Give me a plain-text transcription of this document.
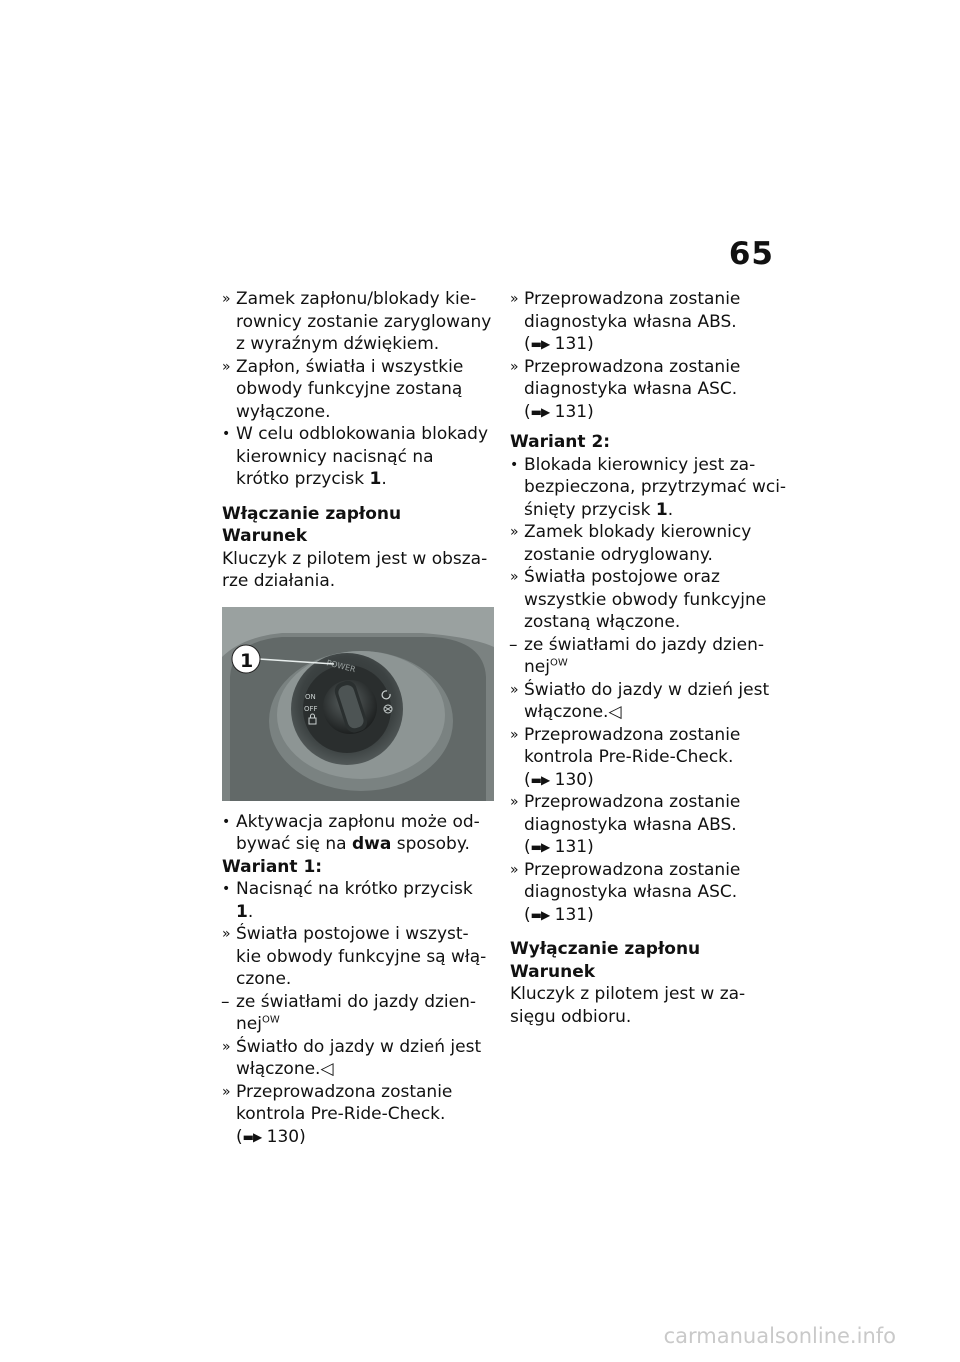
65

» Zamek zapłonu/blokady kie-rownicy zostanie zaryglowany z wyraźnym dźwiękiem.

» Zapłon, światła i wszystkie obwody funkcyjne zostaną wyłączone.

• W celu odblokowania blokady kierownicy nacisnąć na krótko przycisk 1.

Włączanie zapłonu

Warunek

Kluczyk z pilotem jest w obsza-rze działania.

POWER
ON
OFF
1

• Aktywacja zapłonu może od-bywać się na dwa sposoby.

Wariant 1:

• Nacisnąć na krótko przycisk 1.

» Światła postojowe i wszyst-kie obwody funkcyjne są włą-czone.

– ze światłami do jazdy dzien-nej$^{OW}$

» Światło do jazdy w dzień jest włączone.◁

» Przeprowadzona zostanie kontrola Pre-Ride-Check.
(▬▶ 130)

» Przeprowadzona zostanie diagnostyka własna ABS.
(▬▶ 131)

» Przeprowadzona zostanie diagnostyka własna ASC.
(▬▶ 131)

Wariant 2:

• Blokada kierownicy jest za-bezpieczona, przytrzymać wci-śnięty przycisk 1.

» Zamek blokady kierownicy zostanie odryglowany.

» Światła postojowe oraz wszystkie obwody funkcyjne zostaną włączone.

– ze światłami do jazdy dzien-nej$^{OW}$

» Światło do jazdy w dzień jest włączone.◁

» Przeprowadzona zostanie kontrola Pre-Ride-Check.
(▬▶ 130)

» Przeprowadzona zostanie diagnostyka własna ABS.
(▬▶ 131)

» Przeprowadzona zostanie diagnostyka własna ASC.
(▬▶ 131)

Wyłączanie zapłonu

Warunek

Kluczyk z pilotem jest w za-sięgu odbioru.

carmanualsonline.info
